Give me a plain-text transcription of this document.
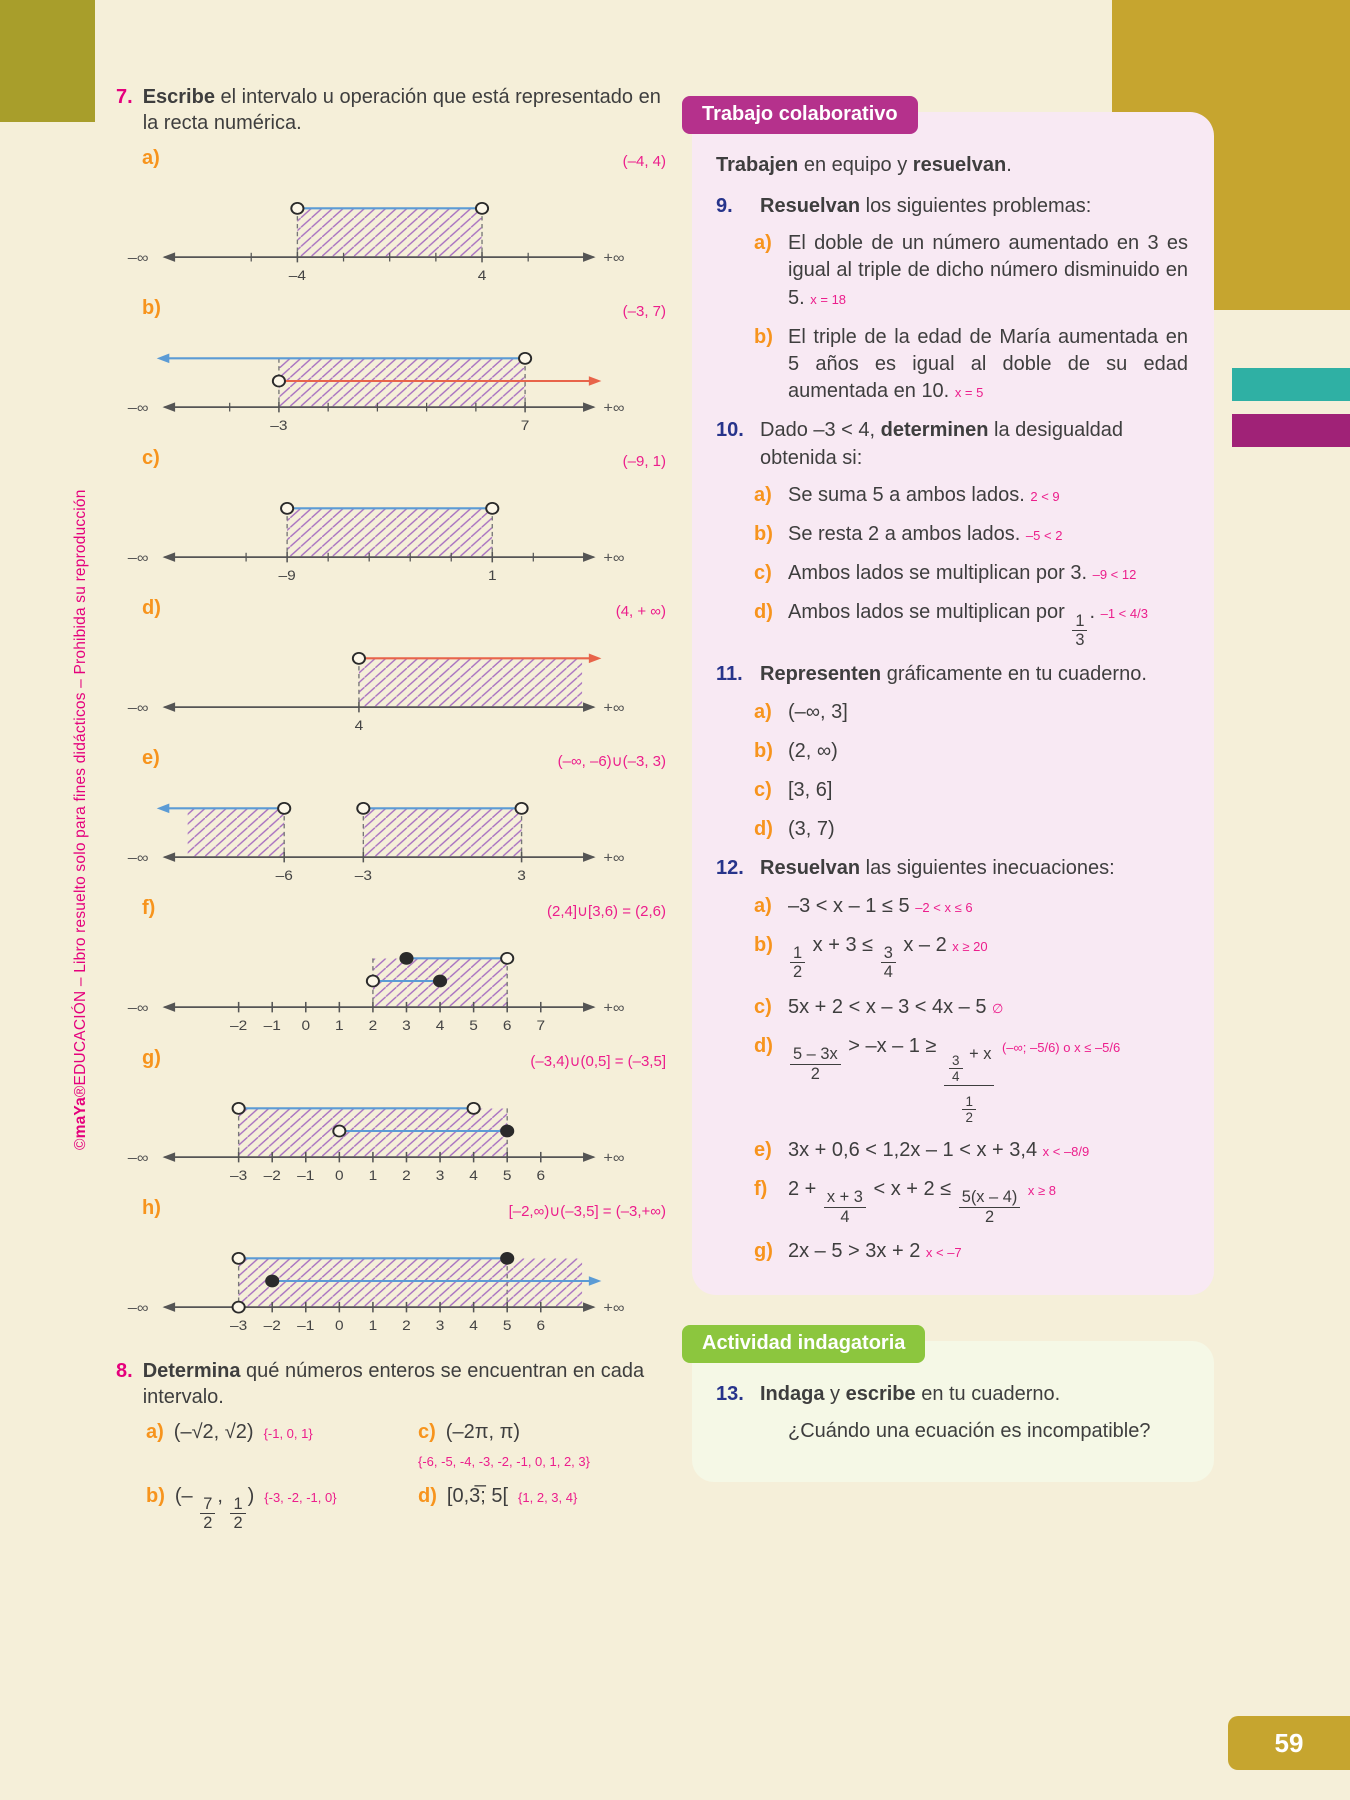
59
©maYa®EDUCACIÓN – Libro resuelto solo para fines didácticos – Prohibida su reproducción
7. Escribe el intervalo u operación que está representado en la recta numérica.
a)	(–4, 4)
–∞	+∞
–4	4
b)	(–3, 7)
–∞	+∞
–3	7
c)	(–9, 1)
–∞	+∞
–9	1
d)	(4, + ∞)
–∞	+∞
4
e)	(–∞, –6)∪(–3, 3)
–∞	+∞
–6	–3	3
f)	(2,4]∪[3,6) = (2,6)
–∞	+∞
–2 –1 0 1 2 3 4 5 6 7
g)	(–3,4)∪(0,5] = (–3,5]
–∞	+∞
–3 –2 –1 0 1 2 3 4 5 6
h)	[–2,∞)∪(–3,5] = (–3,+∞)
–∞	+∞
–3 –2 –1 0 1 2 3 4 5 6
8. Determina qué números enteros se encuentran en cada intervalo.
a) (–√2, √2) {-1, 0, 1}	c) (–2π, π)
{-6, -5, -4, -3, -2, -1, 0, 1, 2, 3}
b) (– $\frac{7}{2}$ , $\frac{1}{2}$ ) {-3, -2, -1, 0}	d) [0,3̅; 5[ {1, 2, 3, 4}
Trabajo colaborativo
Trabajen en equipo y resuelvan.
9.	Resuelvan los siguientes problemas:
a) El doble de un número aumentado en 3 es igual al triple de dicho número disminuido en 5. x = 18
b) El triple de la edad de María aumentada en 5 años es igual al doble de su edad aumentada en 10. x = 5
10. Dado –3 < 4, determinen la desigualdad obtenida si:
a) Se suma 5 a ambos lados. 2 < 9
b) Se resta 2 a ambos lados. –5 < 2
c) Ambos lados se multiplican por 3. –9 < 12
d) Ambos lados se multiplican por $\frac{1}{3}$ . –1 < 4/3
11. Representen gráficamente en tu cuaderno.
a) (–∞, 3]
b) (2, ∞)
c) [3, 6]
d) (3, 7)
12. Resuelvan las siguientes inecuaciones:
a) –3 < x – 1 ≤ 5 –2 < x ≤ 6
b)	$\frac{1}{2}$ $x + 3 \le \frac{3}{4}$ x – 2 x ≥ 20
c) 5x + 2 < x – 3 < 4x – 5 ∅
d)	$\frac{5 - 3x}{2} > -x - 1 \ge \frac{\frac{3}{4} + x}{\frac{1}{2}}$ (–∞; –5/6) o x ≤ –5/6
e) 3x + 0,6 < 1,2x – 1 < x + 3,4 x < –8/9
f)	$2 + \frac{x + 3}{4} < x + 2 \le \frac{5(x - 4)}{2}$ x ≥ 8
g) 2x – 5 > 3x + 2 x < –7
Actividad indagatoria
13. Indaga y escribe en tu cuaderno.
¿Cuándo una ecuación es incompatible?
